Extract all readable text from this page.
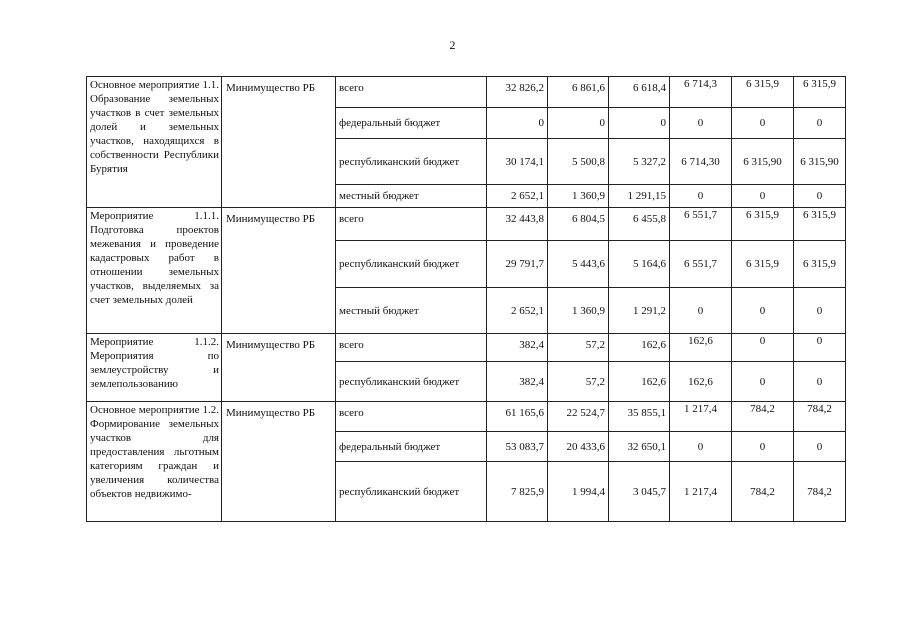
2
Основное мероприятие 1.1. Образование земельных участков в счет земельных долей и земельных участков, находящихся в собственности Республики Бурятия	Минимущество РБ	всего	32 826,2	6 861,6	6 618,4	6 714,3	6 315,9	6 315,9
		федеральный бюджет	0	0	0	0	0	0
		республиканский бюджет	30 174,1	5 500,8	5 327,2	6 714,30	6 315,90	6 315,90
		местный бюджет	2 652,1	1 360,9	1 291,15	0	0	0
Мероприятие 1.1.1. Подготовка проектов межевания и проведение кадастровых работ в отношении земельных участков, выделяемых за счет земельных долей	Минимущество РБ	всего	32 443,8	6 804,5	6 455,8	6 551,7	6 315,9	6 315,9
		республиканский бюджет	29 791,7	5 443,6	5 164,6	6 551,7	6 315,9	6 315,9
		местный бюджет	2 652,1	1 360,9	1 291,2	0	0	0
Мероприятие 1.1.2. Мероприятия по землеустройству и землепользованию	Минимущество РБ	всего	382,4	57,2	162,6	162,6	0	0
		республиканский бюджет	382,4	57,2	162,6	162,6	0	0
Основное мероприятие 1.2. Формирование земельных участков для предоставления льготным категориям граждан и увеличения количества объектов недвижимо-	Минимущество РБ	всего	61 165,6	22 524,7	35 855,1	1 217,4	784,2	784,2
		федеральный бюджет	53 083,7	20 433,6	32 650,1	0	0	0
		республиканский бюджет	7 825,9	1 994,4	3 045,7	1 217,4	784,2	784,2
